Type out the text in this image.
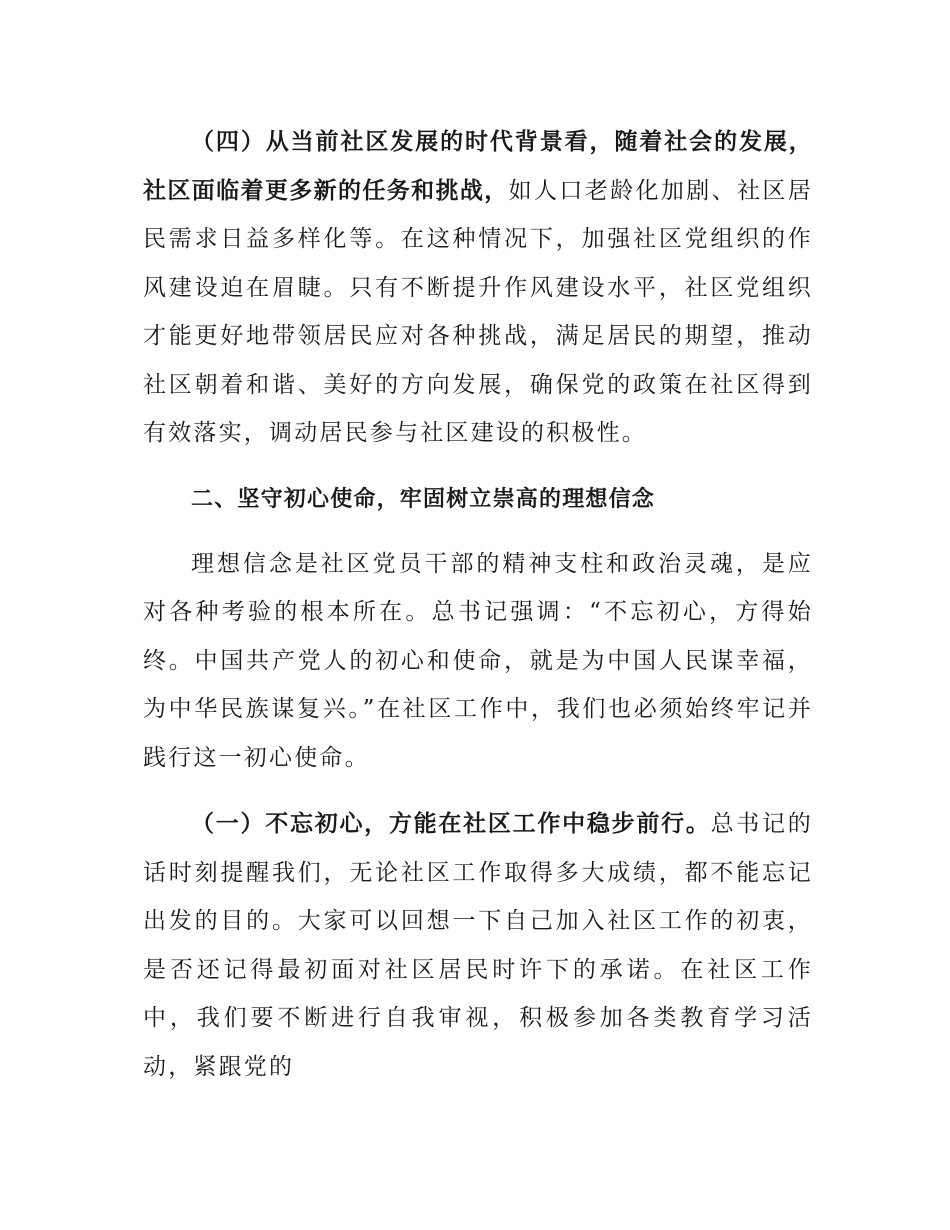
（四）从当前社区发展的时代背景看，随着社会的发展，社区面临着更多新的任务和挑战，如人口老龄化加剧、社区居民需求日益多样化等。在这种情况下，加强社区党组织的作风建设迫在眉睫。只有不断提升作风建设水平，社区党组织才能更好地带领居民应对各种挑战，满足居民的期望，推动社区朝着和谐、美好的方向发展，确保党的政策在社区得到有效落实，调动居民参与社区建设的积极性。

二、坚守初心使命，牢固树立崇高的理想信念

理想信念是社区党员干部的精神支柱和政治灵魂，是应对各种考验的根本所在。总书记强调：“不忘初心，方得始终。中国共产党人的初心和使命，就是为中国人民谋幸福，为中华民族谋复兴。”在社区工作中，我们也必须始终牢记并践行这一初心使命。

（一）不忘初心，方能在社区工作中稳步前行。总书记的话时刻提醒我们，无论社区工作取得多大成绩，都不能忘记出发的目的。大家可以回想一下自己加入社区工作的初衷，是否还记得最初面对社区居民时许下的承诺。在社区工作中，我们要不断进行自我审视，积极参加各类教育学习活动，紧跟党的
